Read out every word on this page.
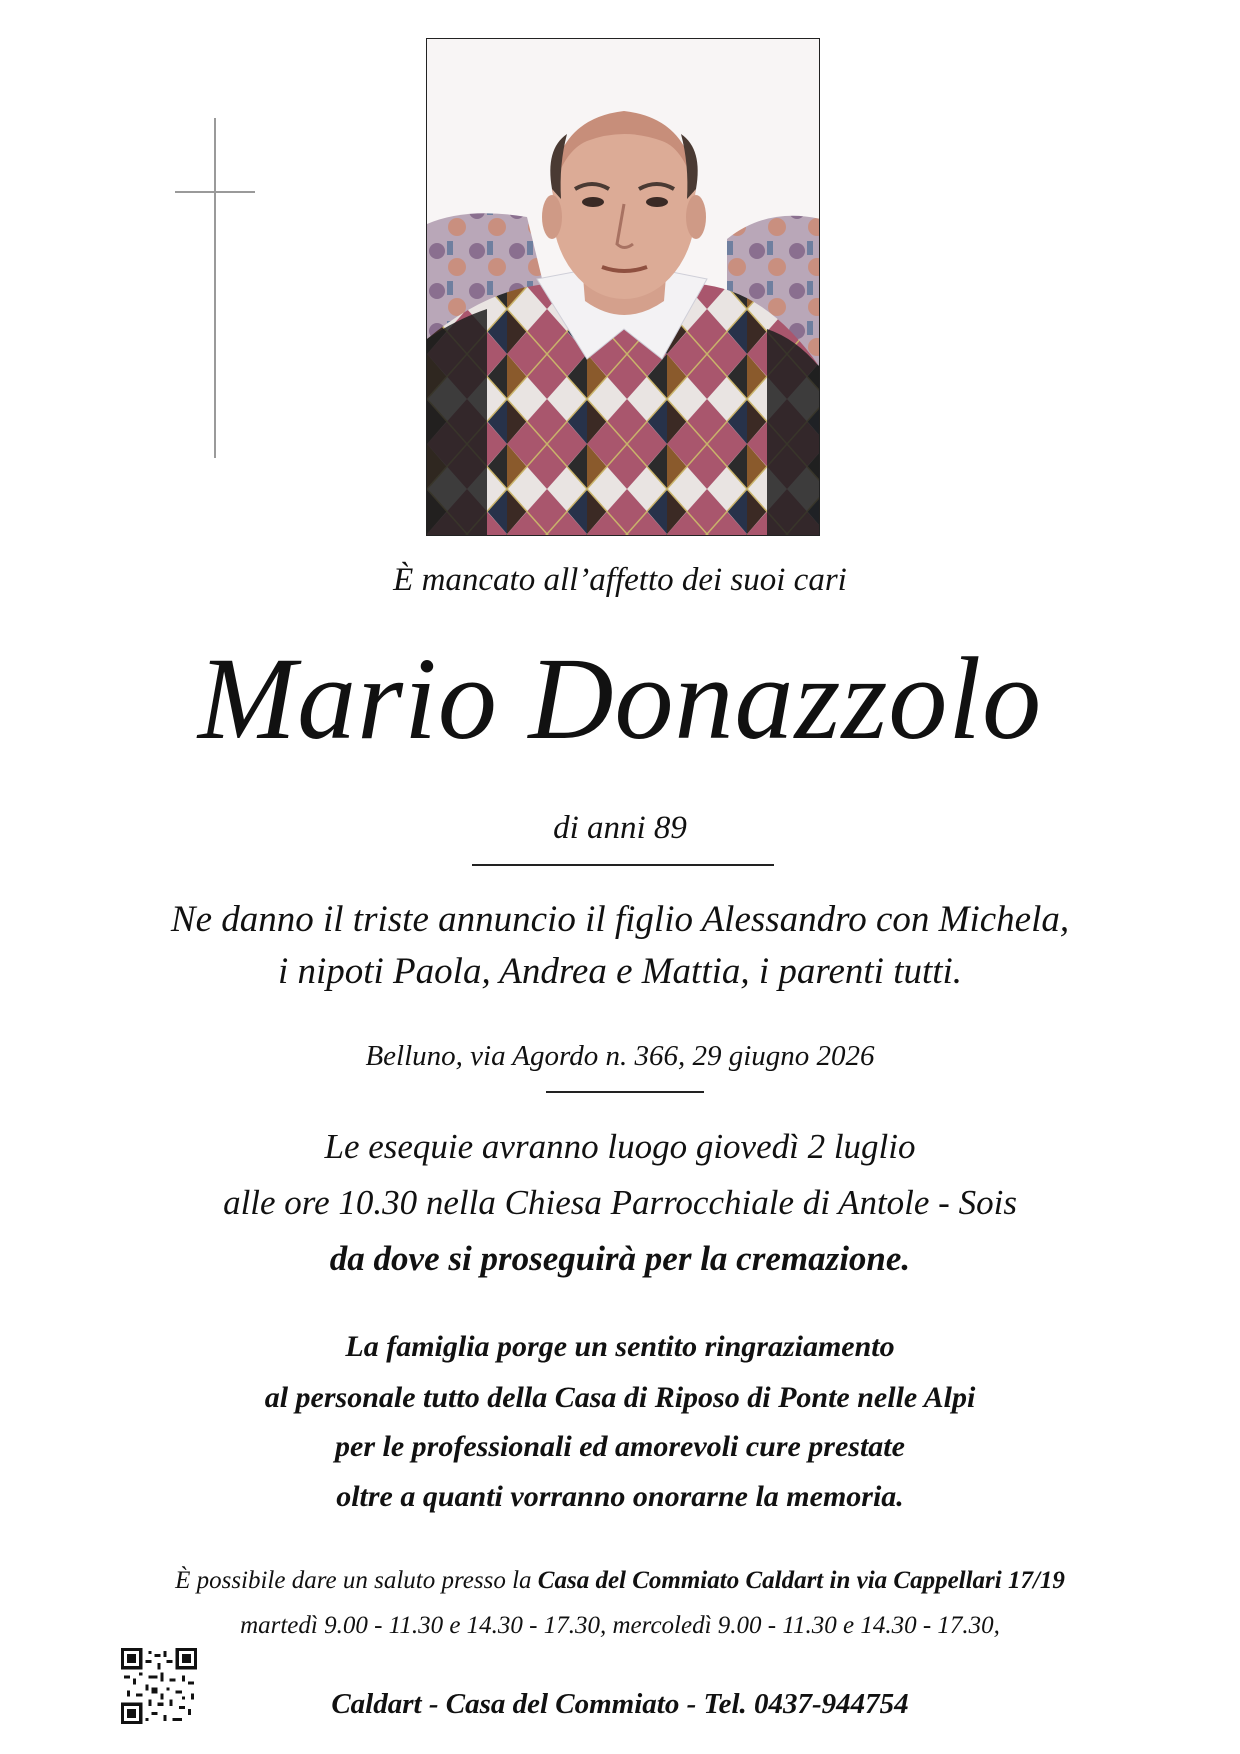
È mancato all’affetto dei suoi cari
Mario Donazzolo
di anni 89
Ne danno il triste annuncio il figlio Alessandro con Michela,
i nipoti Paola, Andrea e Mattia, i parenti tutti.
Belluno, via Agordo n. 366, 29 giugno 2026
Le esequie avranno luogo giovedì 2 luglio
alle ore 10.30 nella Chiesa Parrocchiale di Antole - Sois
da dove si proseguirà per la cremazione.
La famiglia porge un sentito ringraziamento
al personale tutto della Casa di Riposo di Ponte nelle Alpi
per le professionali ed amorevoli cure prestate
oltre a quanti vorranno onorarne la memoria.
È possibile dare un saluto presso la Casa del Commiato Caldart in via Cappellari 17/19
martedì 9.00 - 11.30 e 14.30 - 17.30, mercoledì 9.00 - 11.30 e 14.30 - 17.30,
Caldart - Casa del Commiato - Tel. 0437-944754
